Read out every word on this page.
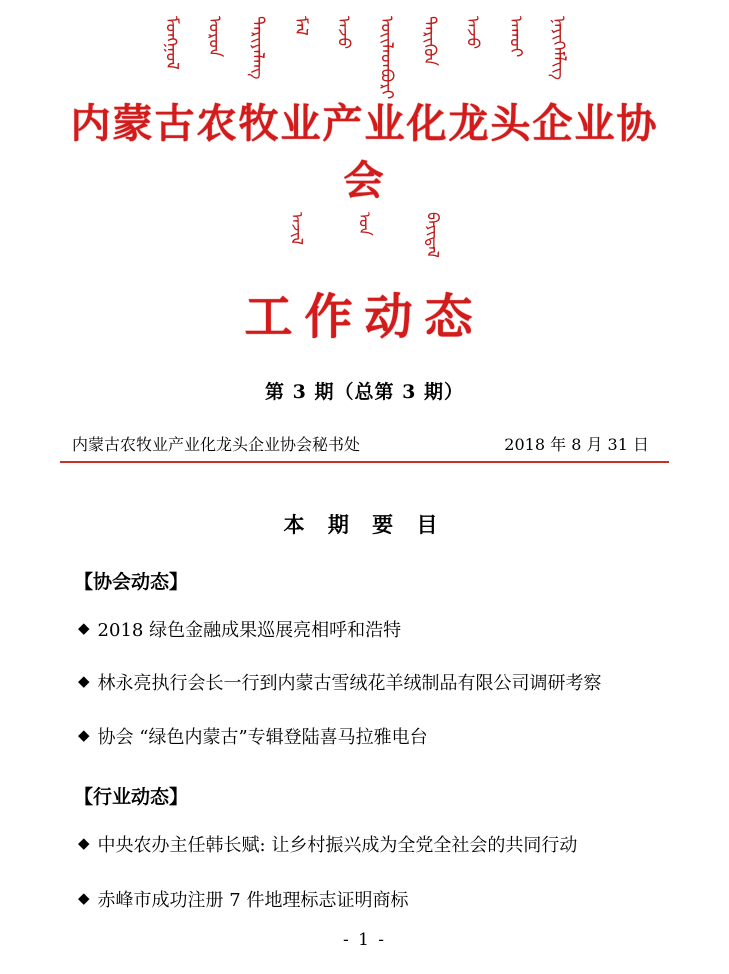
ᠮᠣᠩᠭᠣᠯ ᠤᠷᠤᠨ ᠲᠠᠷᠢᠶᠠᠯᠠᠩ ᠮᠠᠯ ᠠᠵᠤ ᠦᠢᠯᠡᠳᠪᠦᠷᠢ ᠲᠡᠷᠢᠭᠦᠨ ᠠᠵᠤ ᠠᠬᠤᠢ ᠨᠡᠶᠢᠭᠡᠮᠯᠢᠭ
内蒙古农牧业产业化龙头企业协会
ᠠᠵᠢᠯ	ᠤᠨ	ᠪᠠᠶᠢᠳᠠᠯ
工作动态
第 3 期（总第 3 期）
内蒙古农牧业产业化龙头企业协会秘书处	2018 年 8 月 31 日
本 期 要 目
【协会动态】
◆ 2018 绿色金融成果巡展亮相呼和浩特
◆ 林永亮执行会长一行到内蒙古雪绒花羊绒制品有限公司调研考察
◆ 协会 “绿色内蒙古”专辑登陆喜马拉雅电台
【行业动态】
◆ 中央农办主任韩长赋: 让乡村振兴成为全党全社会的共同行动
◆ 赤峰市成功注册 7 件地理标志证明商标
- 1 -
